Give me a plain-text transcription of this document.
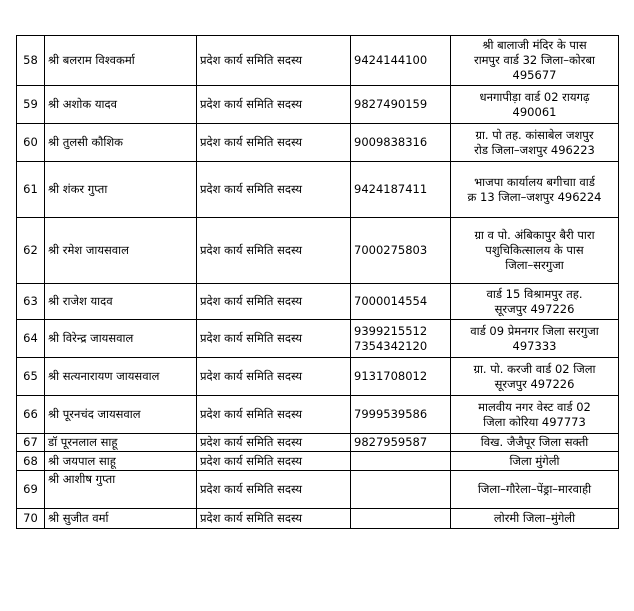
58	श्री बलराम विश्वकर्मा	प्रदेश कार्य समिति सदस्य	9424144100	श्री बालाजी मंदिर के पास
रामपुर वार्ड 32 जिला–कोरबा
495677

59	श्री अशोक यादव	प्रदेश कार्य समिति सदस्य	9827490159	धनगापीड़ा वार्ड 02 रायगढ़
490061

60	श्री तुलसी कौशिक	प्रदेश कार्य समिति सदस्य	9009838316	ग्रा. पो तह. कांसाबेल जशपुर
रोड जिला–जशपुर 496223

61	श्री शंकर गुप्ता	प्रदेश कार्य समिति सदस्य	9424187411	भाजपा कार्यालय बगीचाा वार्ड
क्र 13 जिला–जशपुर 496224

62	श्री रमेश जायसवाल	प्रदेश कार्य समिति सदस्य	7000275803	ग्रा व पो. अंबिकापुर बैरी पारा
पशुचिकित्सालय के पास
जिला–सरगुजा

63	श्री राजेश यादव	प्रदेश कार्य समिति सदस्य	7000014554	वार्ड 15 विश्रामपुर तह.
सूरजपुर 497226

64	श्री विरेन्द्र जायसवाल	प्रदेश कार्य समिति सदस्य	9399215512
7354342120	वार्ड 09 प्रेमनगर जिला सरगुजा
497333

65	श्री सत्यनारायण जायसवाल	प्रदेश कार्य समिति सदस्य	9131708012	ग्रा. पो. करजी वार्ड 02 जिला
सूरजपुर 497226

66	श्री पूरनचंद जायसवाल	प्रदेश कार्य समिति सदस्य	7999539586	मालवीय नगर वेस्ट वार्ड 02
जिला कोरिया 497773

67	डॉ पूरनलाल साहू	प्रदेश कार्य समिति सदस्य	9827959587	विख. जैजैपूर जिला सक्ती

68	श्री जयपाल साहू	प्रदेश कार्य समिति सदस्य		जिला मुंगेली

69	श्री आशीष गुप्ता	प्रदेश कार्य समिति सदस्य		जिला–गौरेला–पेंड्रा–मारवाही

70	श्री सुजीत वर्मा	प्रदेश कार्य समिति सदस्य		लोरमी जिला–मुंगेली
